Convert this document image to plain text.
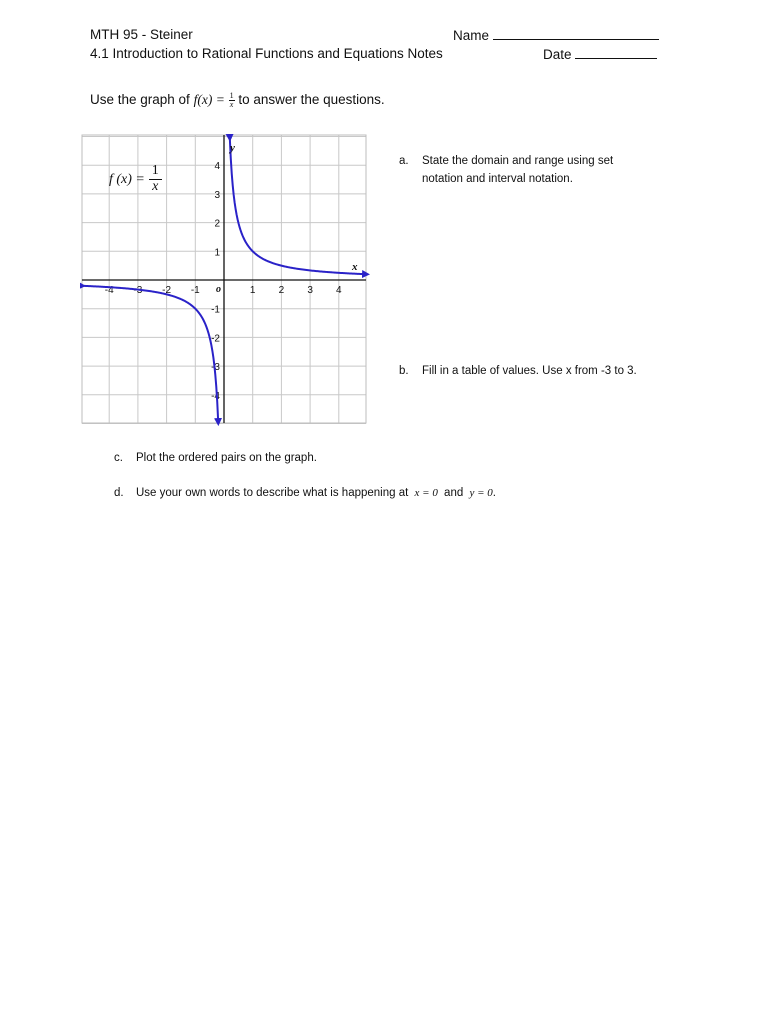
MTH 95 - Steiner	Name
4.1 Introduction to Rational Functions and Equations Notes	Date
Use the graph of $f(x) = \frac{1}{x}$ to answer the questions.
-4 -3 -2 -1	1 2 3 4
4
3
2
1
-1
-2
-3
-4
x
y
o
f $(x) = \frac{1}{x}$
a. State the domain and range using set
notation and interval notation.
b. Fill in a table of values. Use x from -3 to 3.
c. Plot the ordered pairs on the graph.
d. Use your own words to describe what is happening at x = 0 and y = 0.
